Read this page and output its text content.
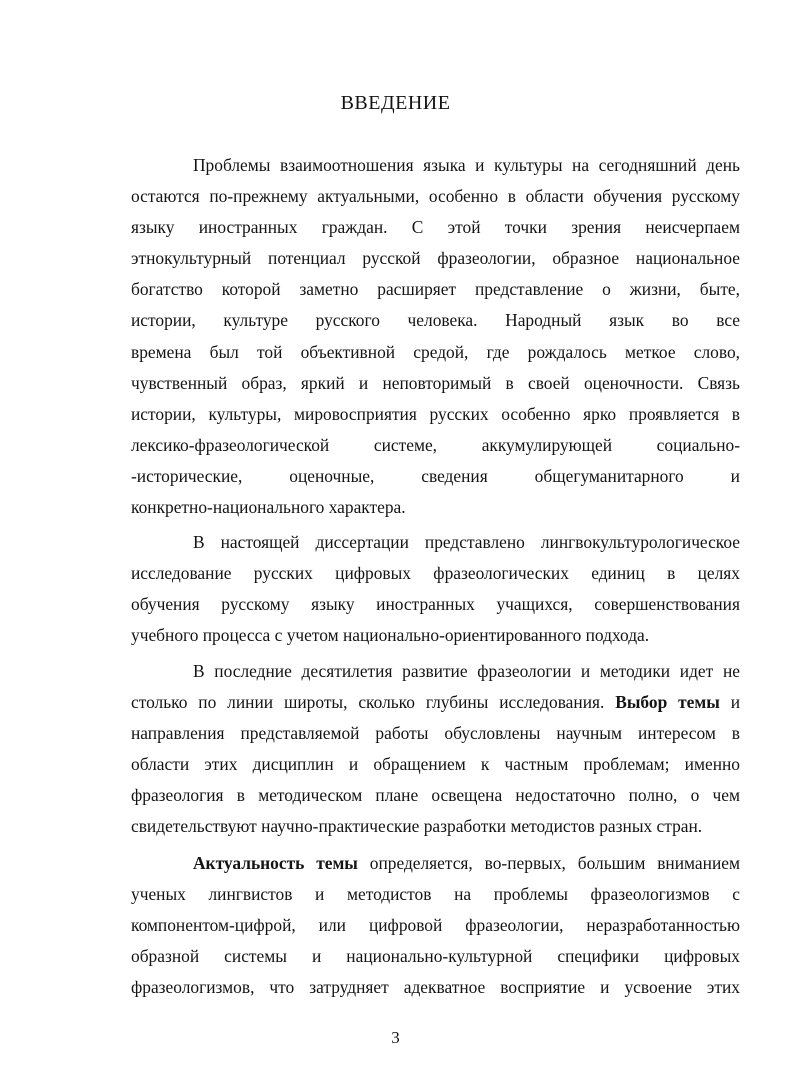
ВВЕДЕНИЕ

Проблемы взаимоотношения языка и культуры на сегодняшний день
остаются по-прежнему актуальными, особенно в области обучения русскому
языку иностранных граждан. С этой точки зрения неисчерпаем
этнокультурный потенциал русской фразеологии, образное национальное
богатство которой заметно расширяет представление о жизни, быте,
истории, культуре русского человека. Народный язык во все
времена был той объективной средой, где рождалось меткое слово,
чувственный образ, яркий и неповторимый в своей оценочности. Связь
истории, культуры, мировосприятия русских особенно ярко проявляется в
лексико-фразеологической системе, аккумулирующей социально-
-исторические, оценочные, сведения общегуманитарного и
конкретно-национального характера.

В настоящей диссертации представлено лингвокультурологическое
исследование русских цифровых фразеологических единиц в целях
обучения русскому языку иностранных учащихся, совершенствования
учебного процесса с учетом национально-ориентированного подхода.

В последние десятилетия развитие фразеологии и методики идет не
столько по линии широты, сколько глубины исследования. Выбор темы и
направления представляемой работы обусловлены научным интересом в
области этих дисциплин и обращением к частным проблемам; именно
фразеология в методическом плане освещена недостаточно полно, о чем
свидетельствуют научно-практические разработки методистов разных стран.

Актуальность темы определяется, во-первых, большим вниманием
ученых лингвистов и методистов на проблемы фразеологизмов с
компонентом-цифрой, или цифровой фразеологии, неразработанностью
образной системы и национально-культурной специфики цифровых
фразеологизмов, что затрудняет адекватное восприятие и усвоение этих

3
